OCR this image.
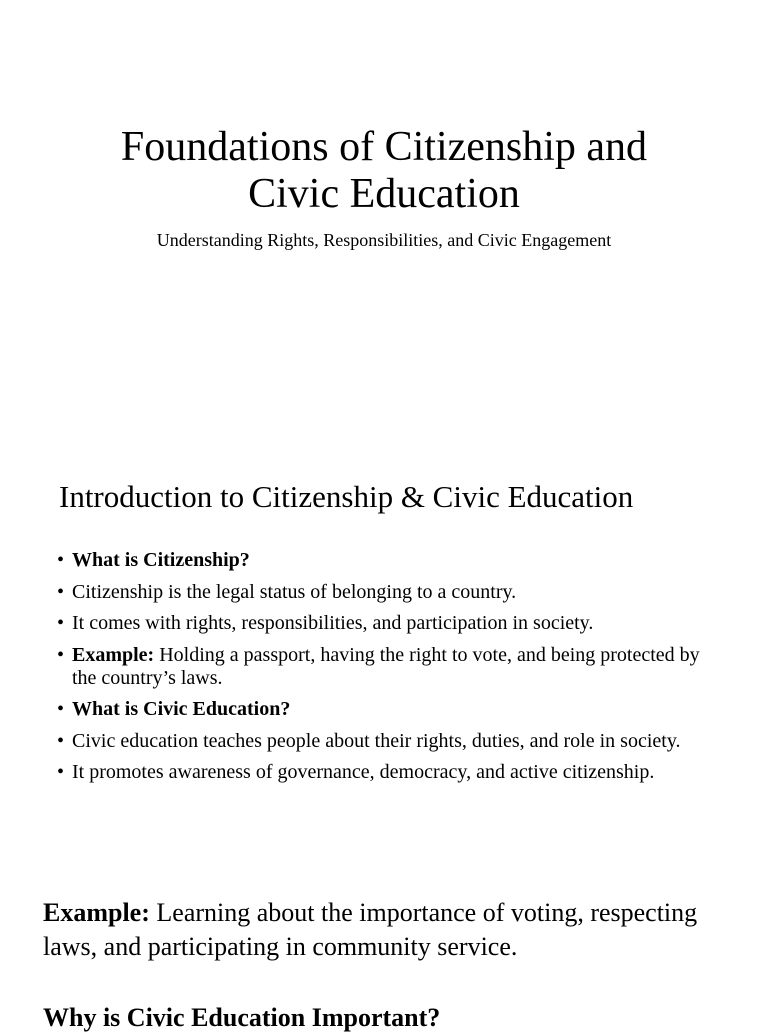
Foundations of Citizenship and
Civic Education

Understanding Rights, Responsibilities, and Civic Engagement

Introduction to Citizenship & Civic Education
• What is Citizenship?
• Citizenship is the legal status of belonging to a country.
• It comes with rights, responsibilities, and participation in society.
• Example: Holding a passport, having the right to vote, and being protected by the country’s laws.
• What is Civic Education?
• Civic education teaches people about their rights, duties, and role in society.
• It promotes awareness of governance, democracy, and active citizenship.

Example: Learning about the importance of voting, respecting laws, and participating in community service.

Why is Civic Education Important?
